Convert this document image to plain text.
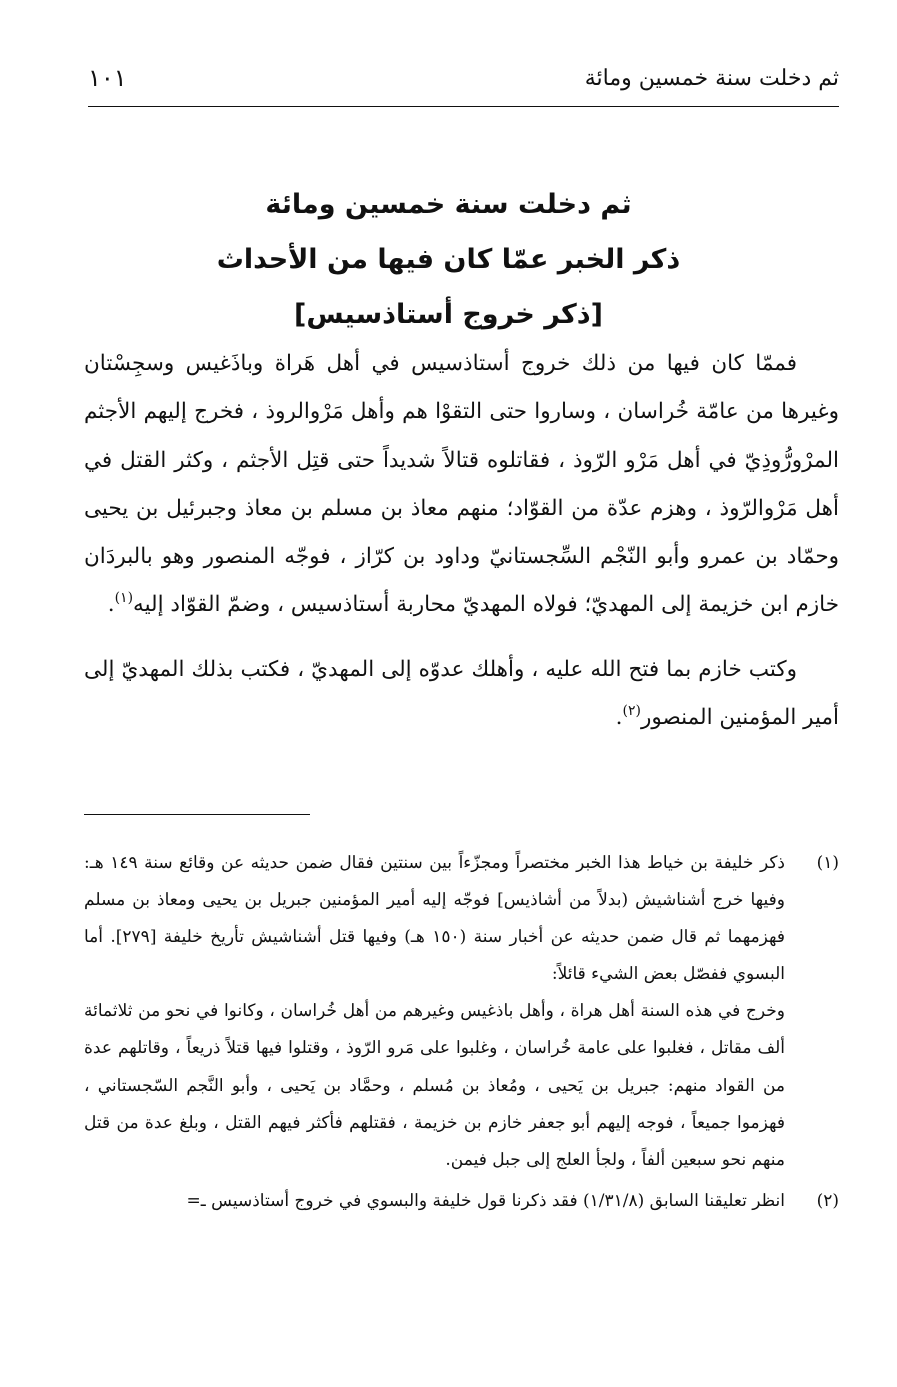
ثم دخلت سنة خمسين ومائة
١٠١
ثم دخلت سنة خمسين ومائة
ذكر الخبر عمّا كان فيها من الأحداث
[ذكر خروج أستاذسيس]

فممّا كان فيها من ذلك خروج أستاذسيس في أهل هَراة وباذَغيس وسجِسْتان وغيرها من عامّة خُراسان ، وساروا حتى التقوْا هم وأهل مَرْوالروذ ، فخرج إليهم الأجثم المرْورُّوذِيّ في أهل مَرْو الرّوذ ، فقاتلوه قتالاً شديداً حتى قتِل الأجثم ، وكثر القتل في أهل مَرْوالرّوذ ، وهزم عدّة من القوّاد؛ منهم معاذ بن مسلم بن معاذ وجبرئيل بن يحيى وحمّاد بن عمرو وأبو النّجْم السِّجستانيّ وداود بن كرّاز ، فوجّه المنصور وهو بالبردَان خازم ابن خزيمة إلى المهديّ؛ فولاه المهديّ محاربة أستاذسيس ، وضمّ القوّاد إليه$^{(١)}$.

وكتب خازم بما فتح الله عليه ، وأهلك عدوّه إلى المهديّ ، فكتب بذلك المهديّ إلى أمير المؤمنين المنصور$^{(٢)}$.

(١)

ذكر خليفة بن خياط هذا الخبر مختصراً ومجزّءاً بين سنتين فقال ضمن حديثه عن وقائع سنة ١٤٩ هـ: وفيها خرج أشناشيش (بدلاً من أشاذيس] فوجّه إليه أمير المؤمنين جبريل بن يحيى ومعاذ بن مسلم فهزمهما ثم قال ضمن حديثه عن أخبار سنة (١٥٠ هـ) وفيها قتل أشناشيش تأريخ خليفة [٢٧٩]. أما البسوي ففصّل بعض الشيء قائلاً:

وخرج في هذه السنة أهل هراة ، وأهل باذغيس وغيرهم من أهل خُراسان ، وكانوا في نحو من ثلاثمائة ألف مقاتل ، فغلبوا على عامة خُراسان ، وغلبوا على مَرو الرّوذ ، وقتلوا فيها قتلاً ذريعاً ، وقاتلهم عدة من القواد منهم: جبريل بن يَحيى ، ومُعاذ بن مُسلم ، وحمَّاد بن يَحيى ، وأبو النَّجم السّجستاني ، فهزموا جميعاً ، فوجه إليهم أبو جعفر خازم بن خزيمة ، فقتلهم فأكثر فيهم القتل ، وبلغ عدة من قتل منهم نحو سبعين ألفاً ، ولجأ العلج إلى جبل فيمن.

(٢)

انظر تعليقنا السابق (١/٣١/٨) فقد ذكرنا قول خليفة والبسوي في خروج أستاذسيس ـ=
